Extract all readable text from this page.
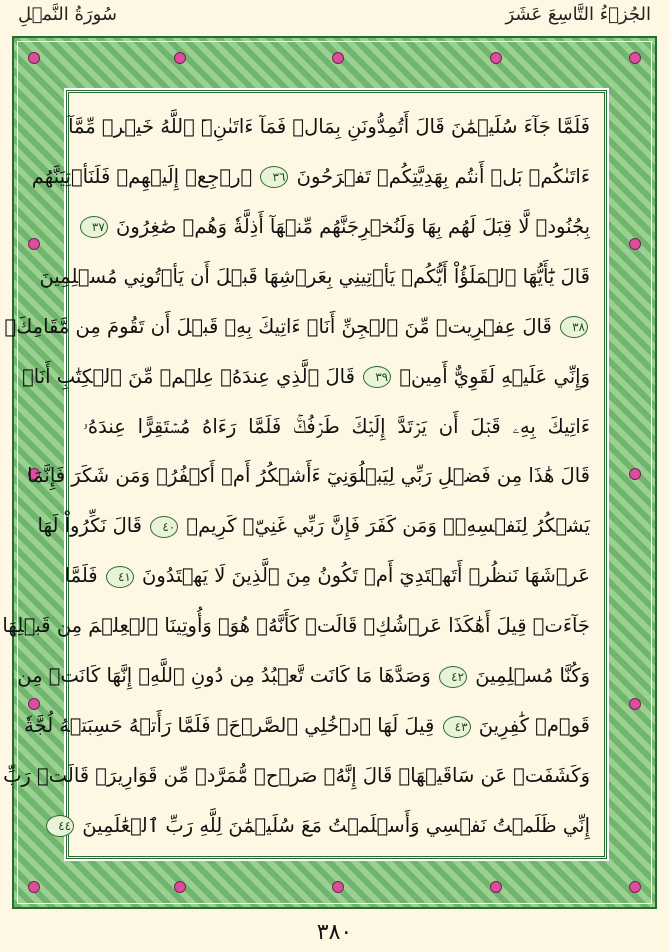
الجُزۡءُ التَّاسِعَ عَشَرَ
سُورَةُ النَّمۡلِ
فَلَمَّا جَآءَ سُلَيۡمَٰنَ قَالَ أَتُمِدُّونَنِ بِمَالٖ فَمَآ ءَاتَىٰنِۦَ ٱللَّهُ خَيۡرٞ مِّمَّآ
ءَاتَىٰكُمۚ بَلۡ أَنتُم بِهَدِيَّتِكُمۡ تَفۡرَحُونَ ٣٦ ٱرۡجِعۡ إِلَيۡهِمۡ فَلَنَأۡتِيَنَّهُم
بِجُنُودٖ لَّا قِبَلَ لَهُم بِهَا وَلَنُخۡرِجَنَّهُم مِّنۡهَآ أَذِلَّةٗ وَهُمۡ صَٰغِرُونَ ٣٧
قَالَ يَٰٓأَيُّهَا ٱلۡمَلَؤُاْ أَيُّكُمۡ يَأۡتِينِي بِعَرۡشِهَا قَبۡلَ أَن يَأۡتُونِي مُسۡلِمِينَ
٣٨ قَالَ عِفۡرِيتٞ مِّنَ ٱلۡجِنِّ أَنَا۠ ءَاتِيكَ بِهِۦ قَبۡلَ أَن تَقُومَ مِن مَّقَامِكَۖ
وَإِنِّي عَلَيۡهِ لَقَوِيٌّ أَمِينٞ ٣٩ قَالَ ٱلَّذِي عِندَهُۥ عِلۡمٞ مِّنَ ٱلۡكِتَٰبِ أَنَا۠
ءَاتِيكَ بِهِۦ قَبۡلَ أَن يَرۡتَدَّ إِلَيۡكَ طَرۡفُكَۚ فَلَمَّا رَءَاهُ مُسۡتَقِرًّا عِندَهُۥ
قَالَ هَٰذَا مِن فَضۡلِ رَبِّي لِيَبۡلُوَنِيٓ ءَأَشۡكُرُ أَمۡ أَكۡفُرُۖ وَمَن شَكَرَ فَإِنَّمَا
يَشۡكُرُ لِنَفۡسِهِۦۖ وَمَن كَفَرَ فَإِنَّ رَبِّي غَنِيّٞ كَرِيمٞ ٤٠ قَالَ نَكِّرُواْ لَهَا
عَرۡشَهَا نَنظُرۡ أَتَهۡتَدِيٓ أَمۡ تَكُونُ مِنَ ٱلَّذِينَ لَا يَهۡتَدُونَ ٤١ فَلَمَّا
جَآءَتۡ قِيلَ أَهَٰكَذَا عَرۡشُكِۖ قَالَتۡ كَأَنَّهُۥ هُوَۚ وَأُوتِينَا ٱلۡعِلۡمَ مِن قَبۡلِهَا
وَكُنَّا مُسۡلِمِينَ ٤٢ وَصَدَّهَا مَا كَانَت تَّعۡبُدُ مِن دُونِ ٱللَّهِۖ إِنَّهَا كَانَتۡ مِن
قَوۡمٖ كَٰفِرِينَ ٤٣ قِيلَ لَهَا ٱدۡخُلِي ٱلصَّرۡحَۖ فَلَمَّا رَأَتۡهُ حَسِبَتۡهُ لُجَّةٗ
وَكَشَفَتۡ عَن سَاقَيۡهَاۚ قَالَ إِنَّهُۥ صَرۡحٞ مُّمَرَّدٞ مِّن قَوَارِيرَۗ قَالَتۡ رَبِّ
إِنِّي ظَلَمۡتُ نَفۡسِي وَأَسۡلَمۡتُ مَعَ سُلَيۡمَٰنَ لِلَّهِ رَبِّ ٱلۡعَٰلَمِينَ ٤٤
٣٨٠
